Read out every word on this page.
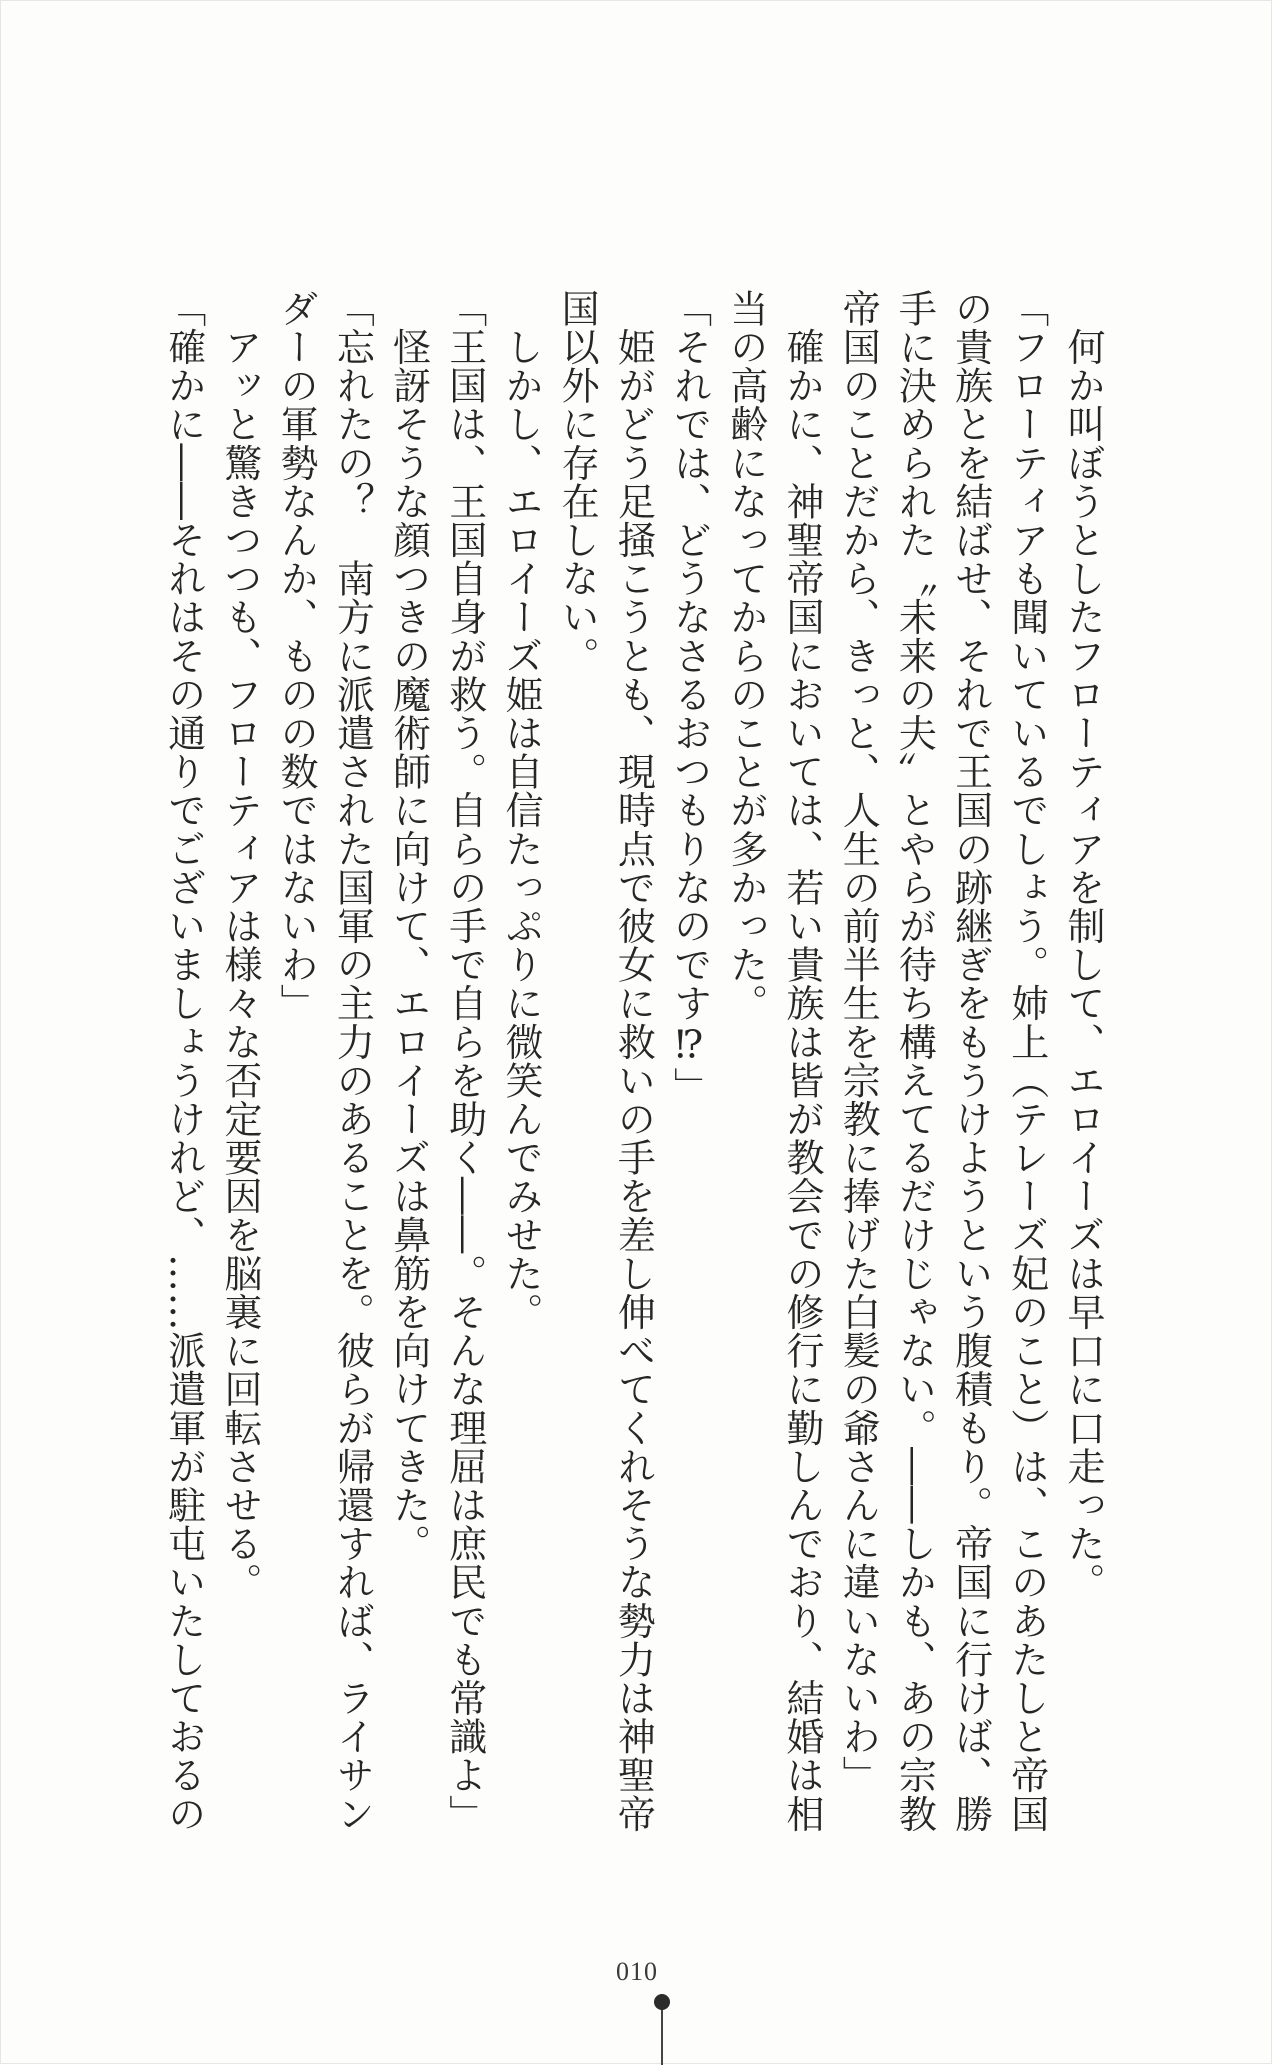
　何か叫ぼうとしたフローティアを制して、エロイーズは早口に口走った。
「フローティアも聞いているでしょう。姉上（テレーズ妃のこと）は、このあたしと帝国
の貴族とを結ばせ、それで王国の跡継ぎをもうけようという腹積もり。帝国に行けば、勝
手に決められた〝未来の夫〟とやらが待ち構えてるだけじゃない。――しかも、あの宗教
帝国のことだから、きっと、人生の前半生を宗教に捧げた白髪の爺さんに違いないわ」
　確かに、神聖帝国においては、若い貴族は皆が教会での修行に勤しんでおり、結婚は相
当の高齢になってからのことが多かった。
「それでは、どうなさるおつもりなのです⁉」
　姫がどう足掻こうとも、現時点で彼女に救いの手を差し伸べてくれそうな勢力は神聖帝
国以外に存在しない。
　しかし、エロイーズ姫は自信たっぷりに微笑んでみせた。
「王国は、王国自身が救う。自らの手で自らを助く――。そんな理屈は庶民でも常識よ」
　怪訝そうな顔つきの魔術師に向けて、エロイーズは鼻筋を向けてきた。
「忘れたの？　南方に派遣された国軍の主力のあることを。彼らが帰還すれば、ライサン
ダーの軍勢なんか、ものの数ではないわ」
　アッと驚きつつも、フローティアは様々な否定要因を脳裏に回転させる。
「確かに――それはその通りでございましょうけれど、……派遣軍が駐屯いたしておるの
010
